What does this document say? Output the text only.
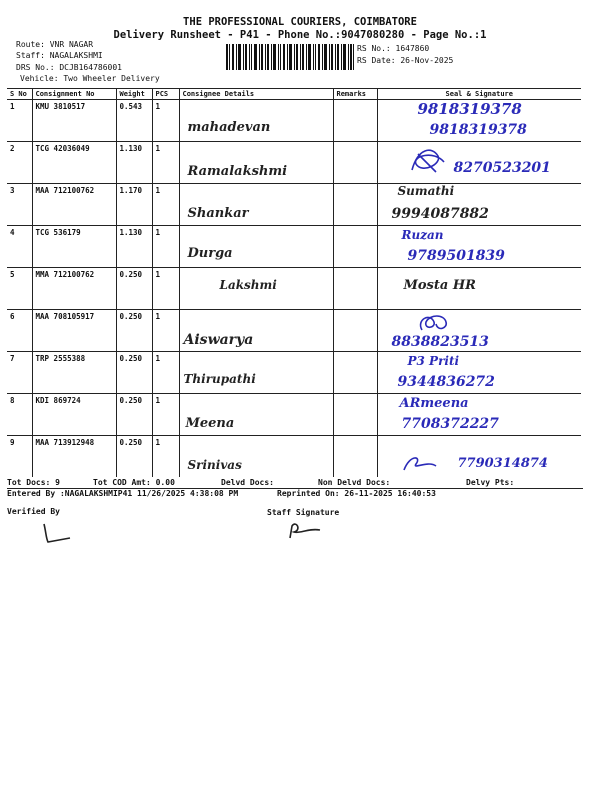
THE PROFESSIONAL COURIERS, COIMBATORE
Delivery Runsheet - P41 - Phone No.:9047080280 - Page No.:1
Route: VNR NAGAR
Staff: NAGALAKSHMI
DRS No.: DCJB164786001
Vehicle: Two Wheeler Delivery
RS No.: 1647860
RS Date: 26-Nov-2025
S No	Consignment No	Weight	PCS	Consignee Details	Remarks	Seal & Signature
1	KMU 3810517	0.543	1	mahadevan		9818319378
9818319378

2	TCG 42036049	1.130	1	Ramalakshmi		8270523201

3	MAA 712100762	1.170	1	Shankar		Sumathi
9994087882

4	TCG 536179	1.130	1	Durga		Ruzan
9789501839

5	MMA 712100762	0.250	1	Lakshmi		Mosta HR

6	MAA 708105917	0.250	1	Aiswarya		8838823513

7	TRP 2555388	0.250	1	Thirupathi		P3 Priti
9344836272

8	KDI 869724	0.250	1	Meena		ARmeena
7708372227

9	MAA 713912948	0.250	1	Srinivas		7790314874
Tot Docs: 9	Tot COD Amt: 0.00	Delvd Docs:	Non Delvd Docs:	Delvy Pts:
Entered By :NAGALAKSHMIP41 11/26/2025 4:38:08 PM	Reprinted On: 26-11-2025 16:40:53
Verified By	Staff Signature
